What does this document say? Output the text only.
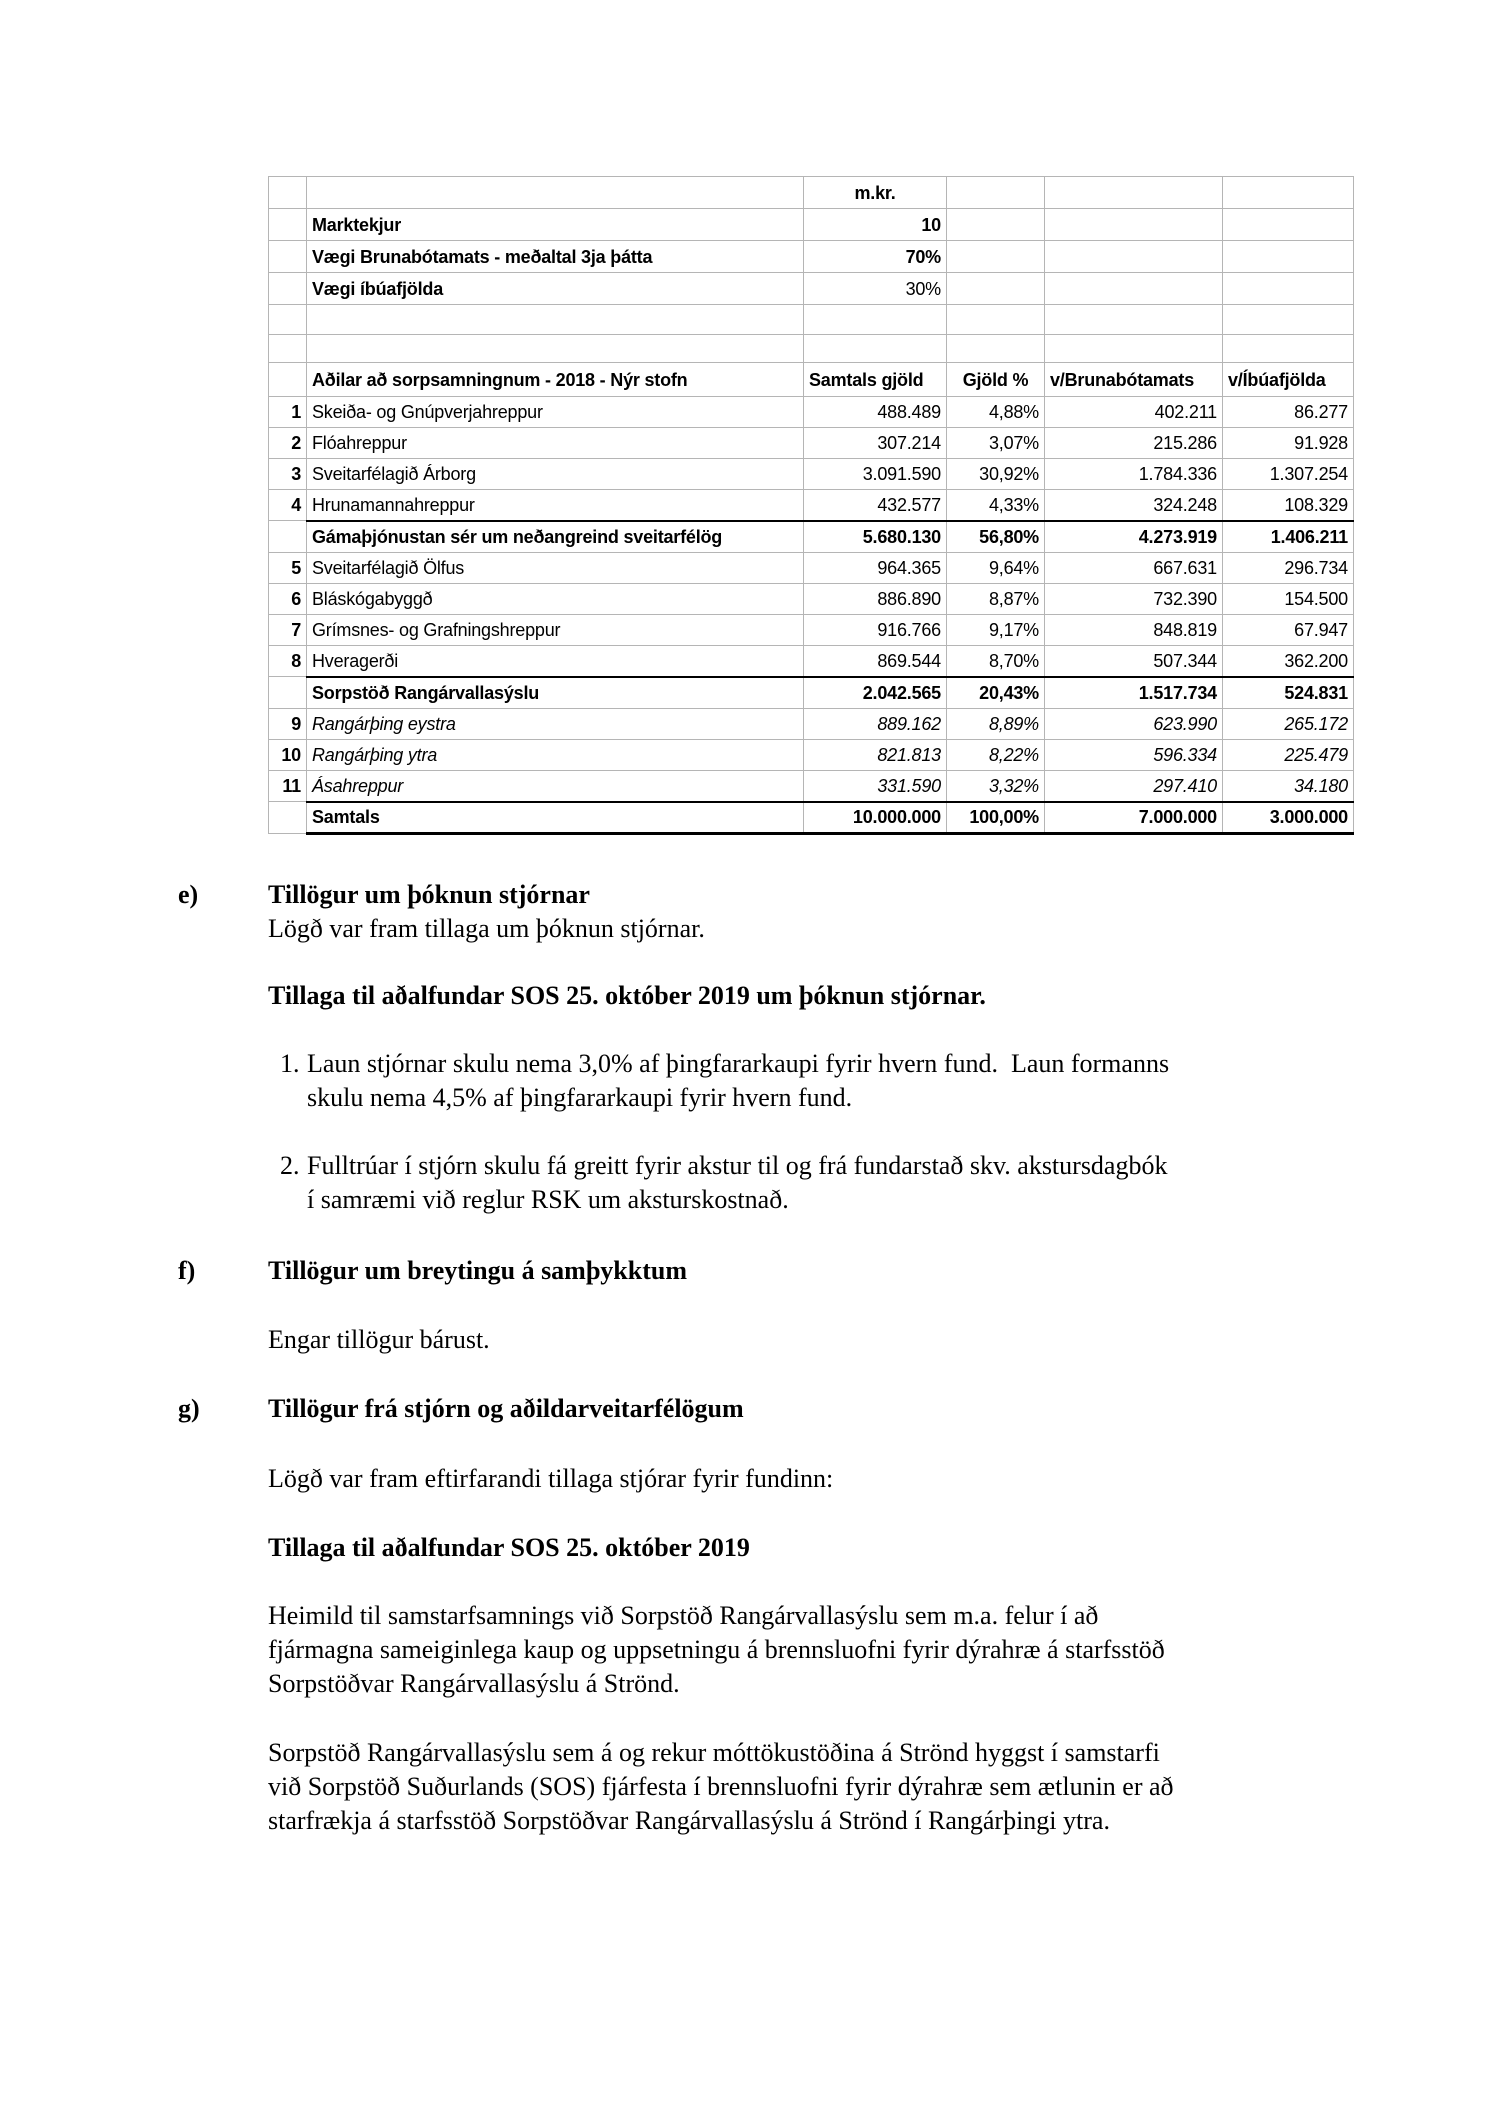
		m.kr.			
	Marktekjur	10			
	Vægi Brunabótamats - meðaltal 3ja þátta	70%			
	Vægi íbúafjölda	30%			

	Aðilar að sorpsamningnum - 2018 - Nýr stofn	Samtals gjöld	Gjöld %	v/Brunabótamats	v/Íbúafjölda
1	Skeiða- og Gnúpverjahreppur	488.489	4,88%	402.211	86.277
2	Flóahreppur	307.214	3,07%	215.286	91.928
3	Sveitarfélagið Árborg	3.091.590	30,92%	1.784.336	1.307.254
4	Hrunamannahreppur	432.577	4,33%	324.248	108.329
	Gámaþjónustan sér um neðangreind sveitarfélög	5.680.130	56,80%	4.273.919	1.406.211
5	Sveitarfélagið Ölfus	964.365	9,64%	667.631	296.734
6	Bláskógabyggð	886.890	8,87%	732.390	154.500
7	Grímsnes- og Grafningshreppur	916.766	9,17%	848.819	67.947
8	Hveragerði	869.544	8,70%	507.344	362.200
	Sorpstöð Rangárvallasýslu	2.042.565	20,43%	1.517.734	524.831
9	Rangárþing eystra	889.162	8,89%	623.990	265.172
10	Rangárþing ytra	821.813	8,22%	596.334	225.479
11	Ásahreppur	331.590	3,32%	297.410	34.180
	Samtals	10.000.000	100,00%	7.000.000	3.000.000
e)	Tillögur um þóknun stjórnar
Lögð var fram tillaga um þóknun stjórnar.
Tillaga til aðalfundar SOS 25. október 2019 um þóknun stjórnar.
1. Laun stjórnar skulu nema 3,0% af þingfararkaupi fyrir hvern fund.  Laun formanns
skulu nema 4,5% af þingfararkaupi fyrir hvern fund.
2. Fulltrúar í stjórn skulu fá greitt fyrir akstur til og frá fundarstað skv. akstursdagbók
í samræmi við reglur RSK um aksturskostnað.
f)	Tillögur um breytingu á samþykktum
Engar tillögur bárust.
g)	Tillögur frá stjórn og aðildarveitarfélögum
Lögð var fram eftirfarandi tillaga stjórar fyrir fundinn:
Tillaga til aðalfundar SOS 25. október 2019
Heimild til samstarfsamnings við Sorpstöð Rangárvallasýslu sem m.a. felur í að
fjármagna sameiginlega kaup og uppsetningu á brennsluofni fyrir dýrahræ á starfsstöð
Sorpstöðvar Rangárvallasýslu á Strönd.
Sorpstöð Rangárvallasýslu sem á og rekur móttökustöðina á Strönd hyggst í samstarfi
við Sorpstöð Suðurlands (SOS) fjárfesta í brennsluofni fyrir dýrahræ sem ætlunin er að
starfrækja á starfsstöð Sorpstöðvar Rangárvallasýslu á Strönd í Rangárþingi ytra.
